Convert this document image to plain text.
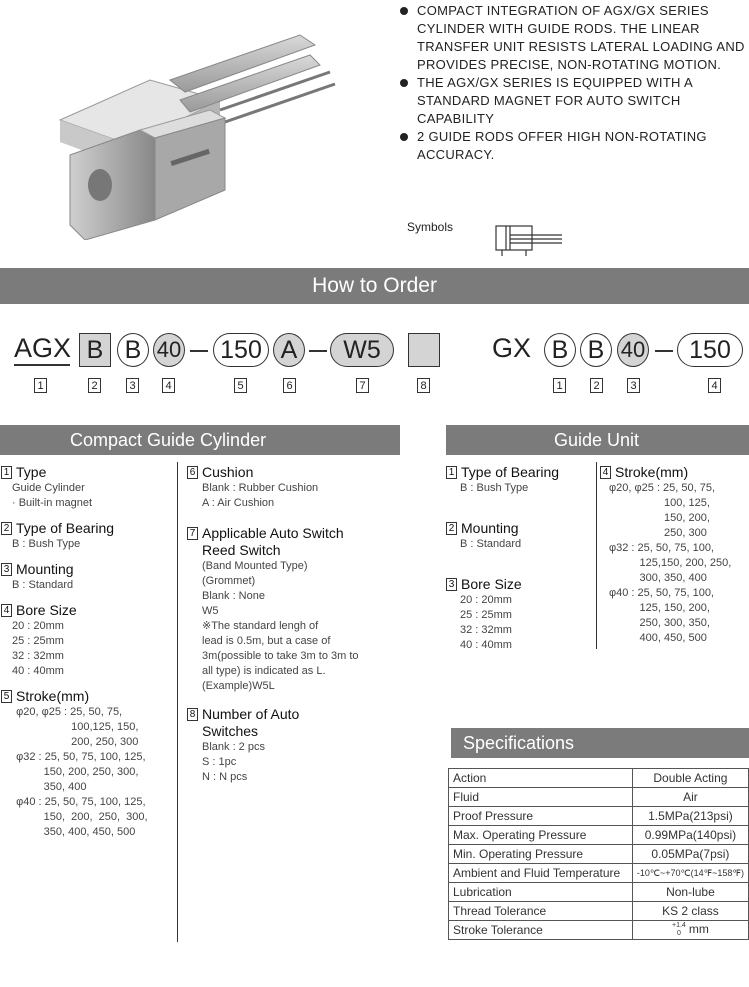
COMPACT INTEGRATION OF AGX/GX SERIES CYLINDER WITH GUIDE RODS. THE LINEAR TRANSFER UNIT RESISTS LATERAL LOADING AND PROVIDES PRECISE, NON-ROTATING MOTION.

THE AGX/GX SERIES IS EQUIPPED WITH A STANDARD MAGNET FOR AUTO SWITCH CAPABILITY

2 GUIDE RODS OFFER HIGH NON-ROTATING ACCURACY.

Symbols
How to Order
AGX B B 40 150 A	W5
1	2	3	4	5	6	7	8
GX B B 40	150
1	2	3	4
Compact Guide Cylinder
1 Type
Guide Cylinder
· Built-in magnet
2 Type of Bearing
B : Bush Type
3 Mounting
B : Standard
4 Bore Size
20 : 20mm
25 : 25mm
32 : 32mm
40 : 40mm
5 Stroke(mm)
φ20, φ25 : 25, 50, 75,
100,125, 150,
200, 250, 300
φ32 : 25, 50, 75, 100, 125,
150, 200, 250, 300,
350, 400
φ40 : 25, 50, 75, 100, 125,
150,  200,  250,  300,
350, 400, 450, 500
6 Cushion
Blank : Rubber Cushion
A : Air Cushion
7 Applicable Auto Switch
Reed Switch
(Band Mounted Type)
(Grommet)
Blank : None
W5
※The standard lengh of
lead is 0.5m, but a case of
3m(possible to take 3m to 3m to
all type) is indicated as L.
(Example)W5L
8 Number of Auto
Switches
Blank : 2 pcs
S : 1pc
N : N pcs
Guide Unit
1 Type of Bearing
B : Bush Type
2 Mounting
B : Standard
3 Bore Size
20 : 20mm
25 : 25mm
32 : 32mm
40 : 40mm
4 Stroke(mm)
φ20, φ25 : 25, 50, 75,
100, 125,
150, 200,
250, 300
φ32 : 25, 50, 75, 100,
125,150, 200, 250,
300, 350, 400
φ40 : 25, 50, 75, 100,
125, 150, 200,
250, 300, 350,
400, 450, 500
Specifications
Action	Double Acting
Fluid	Air
Proof Pressure	1.5MPa(213psi)
Max. Operating Pressure	0.99MPa(140psi)
Min. Operating Pressure	0.05MPa(7psi)
Ambient and Fluid Temperature	-10℃~+70℃(14℉~158℉)
Lubrication	Non-lube
Thread Tolerance	KS 2 class
Stroke Tolerance	+1.4
0 mm
